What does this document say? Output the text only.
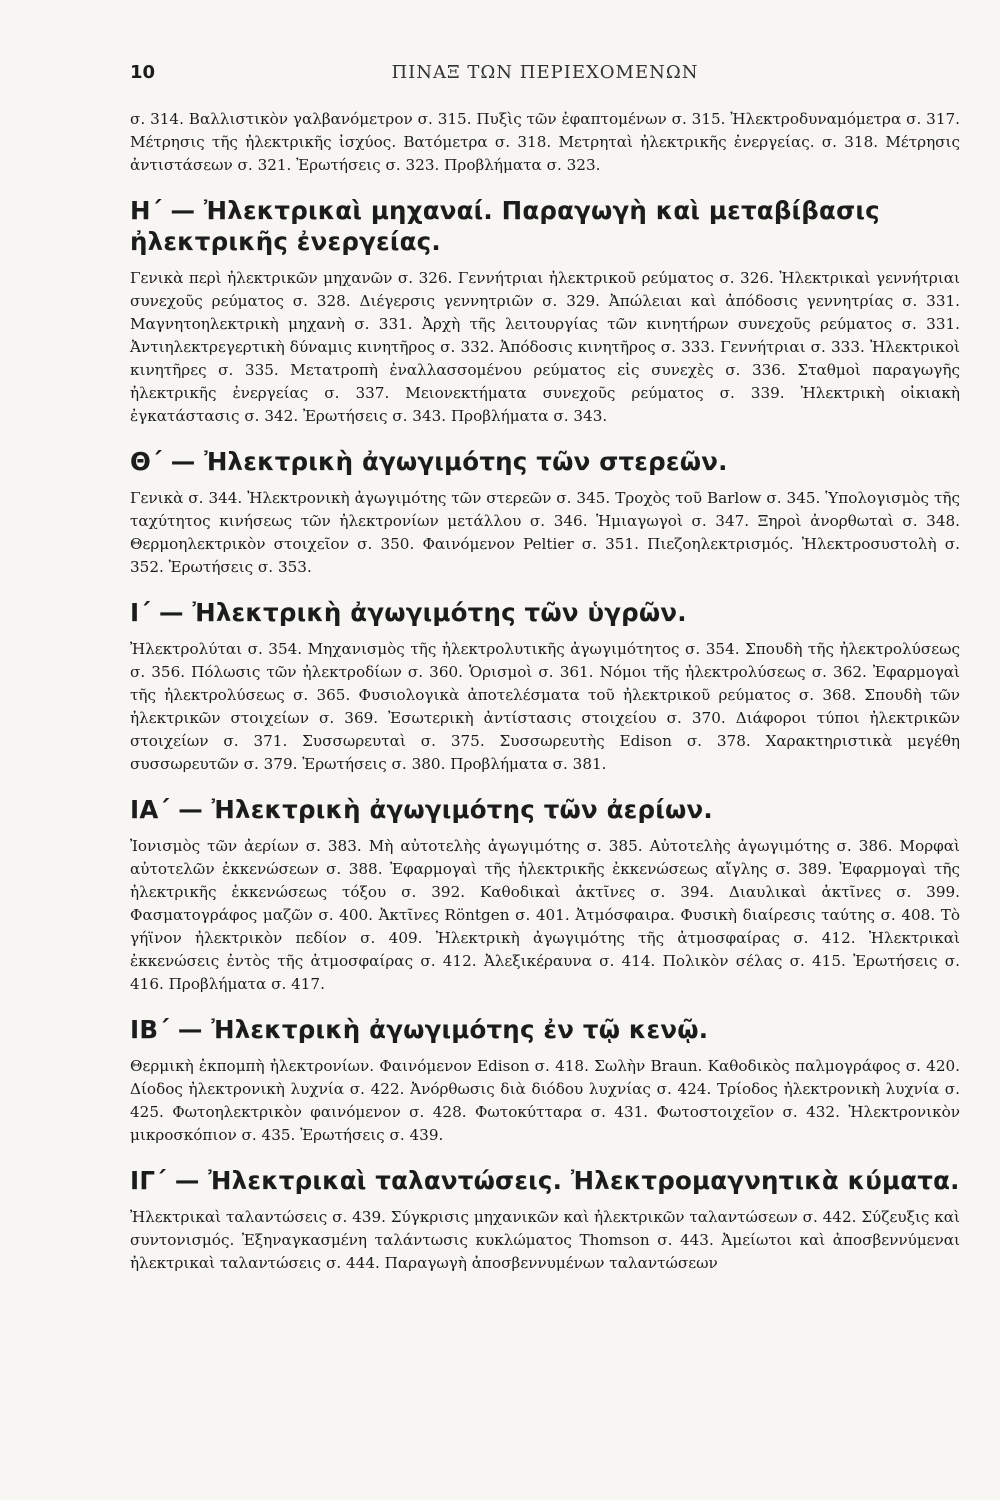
10	ΠΙΝΑΞ ΤΩΝ ΠΕΡΙΕΧΟΜΕΝΩΝ

σ. 314. Βαλλιστικὸν γαλβανόμετρον σ. 315. Πυξὶς τῶν ἐφαπτομένων σ. 315. Ἠλεκτροδυναμόμετρα σ. 317. Μέτρησις τῆς ἠλεκτρικῆς ἰσχύος. Βατόμετρα σ. 318. Μετρηταὶ ἠλεκτρικῆς ἐνεργείας. σ. 318. Μέτρησις ἀντιστάσεων σ. 321. Ἐρωτήσεις σ. 323. Προβλήματα σ. 323.

Η΄ — Ἠλεκτρικαὶ μηχαναί. Παραγωγὴ καὶ μεταβίβασις ἠλεκτρικῆς ἐνεργείας.

Γενικὰ περὶ ἠλεκτρικῶν μηχανῶν σ. 326. Γεννήτριαι ἠλεκτρικοῦ ρεύματος σ. 326. Ἠλεκτρικαὶ γεννήτριαι συνεχοῦς ρεύματος σ. 328. Διέγερσις γεννητριῶν σ. 329. Ἀπώλειαι καὶ ἀπόδοσις γεννητρίας σ. 331. Μαγνητοηλεκτρικὴ μηχανὴ σ. 331. Ἀρχὴ τῆς λειτουργίας τῶν κινητήρων συνεχοῦς ρεύματος σ. 331. Ἀντιηλεκτρεγερτικὴ δύναμις κινητῆρος σ. 332. Ἀπόδοσις κινητῆρος σ. 333. Γεννήτριαι σ. 333. Ἠλεκτρικοὶ κινητῆρες σ. 335. Μετατροπὴ ἐναλλασσομένου ρεύματος εἰς συνεχὲς σ. 336. Σταθμοὶ παραγωγῆς ἠλεκτρικῆς ἐνεργείας σ. 337. Μειονεκτήματα συνεχοῦς ρεύματος σ. 339. Ἠλεκτρικὴ οἰκιακὴ ἐγκατάστασις σ. 342. Ἐρωτήσεις σ. 343. Προβλήματα σ. 343.

Θ΄ — Ἠλεκτρικὴ ἀγωγιμότης τῶν στερεῶν.

Γενικὰ σ. 344. Ἠλεκτρονικὴ ἀγωγιμότης τῶν στερεῶν σ. 345. Τροχὸς τοῦ Barlow σ. 345. Ὑπολογισμὸς τῆς ταχύτητος κινήσεως τῶν ἠλεκτρονίων μετάλλου σ. 346. Ἡμιαγωγοὶ σ. 347. Ξηροὶ ἀνορθωταὶ σ. 348. Θερμοηλεκτρικὸν στοιχεῖον σ. 350. Φαινόμενον Peltier σ. 351. Πιεζοηλεκτρισμός. Ἠλεκτροσυστολὴ σ. 352. Ἐρωτήσεις σ. 353.

Ι΄ — Ἠλεκτρικὴ ἀγωγιμότης τῶν ὑγρῶν.

Ἠλεκτρολύται σ. 354. Μηχανισμὸς τῆς ἠλεκτρολυτικῆς ἀγωγιμότητος σ. 354. Σπουδὴ τῆς ἠλεκτρολύσεως σ. 356. Πόλωσις τῶν ἠλεκτροδίων σ. 360. Ὁρισμοὶ σ. 361. Νόμοι τῆς ἠλεκτρολύσεως σ. 362. Ἐφαρμογαὶ τῆς ἠλεκτρολύσεως σ. 365. Φυσιολογικὰ ἀποτελέσματα τοῦ ἠλεκτρικοῦ ρεύματος σ. 368. Σπουδὴ τῶν ἠλεκτρικῶν στοιχείων σ. 369. Ἐσωτερικὴ ἀντίστασις στοιχείου σ. 370. Διάφοροι τύποι ἠλεκτρικῶν στοιχείων σ. 371. Συσσωρευταὶ σ. 375. Συσσωρευτὴς Edison σ. 378. Χαρακτηριστικὰ μεγέθη συσσωρευτῶν σ. 379. Ἐρωτήσεις σ. 380. Προβλήματα σ. 381.

ΙΑ΄ — Ἠλεκτρικὴ ἀγωγιμότης τῶν ἀερίων.

Ἰονισμὸς τῶν ἀερίων σ. 383. Μὴ αὐτοτελὴς ἀγωγιμότης σ. 385. Αὐτοτελὴς ἀγωγιμότης σ. 386. Μορφαὶ αὐτοτελῶν ἐκκενώσεων σ. 388. Ἐφαρμογαὶ τῆς ἠλεκτρικῆς ἐκκενώσεως αἴγλης σ. 389. Ἐφαρμογαὶ τῆς ἠλεκτρικῆς ἐκκενώσεως τόξου σ. 392. Καθοδικαὶ ἀκτῖνες σ. 394. Διαυλικαὶ ἀκτῖνες σ. 399. Φασματογράφος μαζῶν σ. 400. Ἀκτῖνες Röntgen σ. 401. Ἀτμόσφαιρα. Φυσικὴ διαίρεσις ταύτης σ. 408. Τὸ γήϊνον ἠλεκτρικὸν πεδίον σ. 409. Ἠλεκτρικὴ ἀγωγιμότης τῆς ἀτμοσφαίρας σ. 412. Ἠλεκτρικαὶ ἐκκενώσεις ἐντὸς τῆς ἀτμοσφαίρας σ. 412. Ἀλεξικέραυνα σ. 414. Πολικὸν σέλας σ. 415. Ἐρωτήσεις σ. 416. Προβλήματα σ. 417.

ΙΒ΄ — Ἠλεκτρικὴ ἀγωγιμότης ἐν τῷ κενῷ.

Θερμικὴ ἐκπομπὴ ἠλεκτρονίων. Φαινόμενον Edison σ. 418. Σωλὴν Braun. Καθοδικὸς παλμογράφος σ. 420. Δίοδος ἠλεκτρονικὴ λυχνία σ. 422. Ἀνόρθωσις διὰ διόδου λυχνίας σ. 424. Τρίοδος ἠλεκτρονικὴ λυχνία σ. 425. Φωτοηλεκτρικὸν φαινόμενον σ. 428. Φωτοκύτταρα σ. 431. Φωτοστοιχεῖον σ. 432. Ἠλεκτρονικὸν μικροσκόπιον σ. 435. Ἐρωτήσεις σ. 439.

ΙΓ΄ — Ἠλεκτρικαὶ ταλαντώσεις. Ἠλεκτρομαγνητικὰ κύματα.

Ἠλεκτρικαὶ ταλαντώσεις σ. 439. Σύγκρισις μηχανικῶν καὶ ἠλεκτρικῶν ταλαντώσεων σ. 442. Σύζευξις καὶ συντονισμός. Ἐξηναγκασμένη ταλάντωσις κυκλώματος Thomson σ. 443. Ἀμείωτοι καὶ ἀποσβεννύμεναι ἠλεκτρικαὶ ταλαντώσεις σ. 444. Παραγωγὴ ἀποσβεννυμένων ταλαντώσεων
